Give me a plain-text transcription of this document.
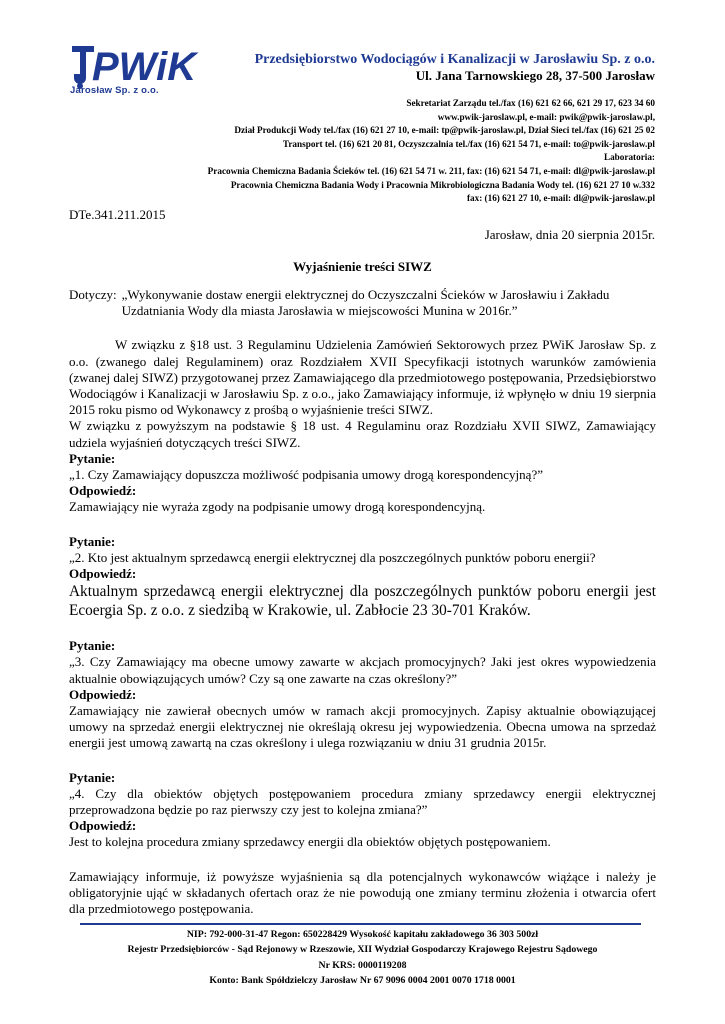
PWiK
Jarosław Sp. z o.o.
Przedsiębiorstwo Wodociągów i Kanalizacji w Jarosławiu Sp. z o.o.
Ul. Jana Tarnowskiego 28, 37-500 Jarosław
Sekretariat Zarządu tel./fax (16) 621 62 66, 621 29 17, 623 34 60
www.pwik-jaroslaw.pl, e-mail: pwik@pwik-jaroslaw.pl,
Dział Produkcji Wody tel./fax (16) 621 27 10, e-mail: tp@pwik-jaroslaw.pl, Dział Sieci tel./fax (16) 621 25 02
Transport tel. (16) 621 20 81, Oczyszczalnia tel./fax (16) 621 54 71, e-mail: to@pwik-jaroslaw.pl
Laboratoria:
Pracownia Chemiczna Badania Ścieków tel. (16) 621 54 71 w. 211, fax: (16) 621 54 71, e-mail: dl@pwik-jaroslaw.pl
Pracownia Chemiczna Badania Wody i Pracownia Mikrobiologiczna Badania Wody tel. (16) 621 27 10 w.332
fax: (16) 621 27 10, e-mail: dl@pwik-jaroslaw.pl
DTe.341.211.2015
Jarosław, dnia 20 sierpnia 2015r.
Wyjaśnienie treści SIWZ
Dotyczy: „Wykonywanie dostaw energii elektrycznej do Oczyszczalni Ścieków w Jarosławiu i Zakładu Uzdatniania Wody dla miasta Jarosławia w miejscowości Munina w 2016r.”

W związku z §18 ust. 3 Regulaminu Udzielenia Zamówień Sektorowych przez PWiK Jarosław Sp. z o.o. (zwanego dalej Regulaminem) oraz Rozdziałem XVII Specyfikacji istotnych warunków zamówienia (zwanej dalej SIWZ) przygotowanej przez Zamawiającego dla przedmiotowego postępowania, Przedsiębiorstwo Wodociągów i Kanalizacji w Jarosławiu Sp. z o.o., jako Zamawiający informuje, iż wpłynęło w dniu 19 sierpnia 2015 roku pismo od Wykonawcy z prośbą o wyjaśnienie treści SIWZ.

W związku z powyższym na podstawie § 18 ust. 4 Regulaminu oraz Rozdziału XVII SIWZ, Zamawiający udziela wyjaśnień dotyczących treści SIWZ.

Pytanie:

„1. Czy Zamawiający dopuszcza możliwość podpisania umowy drogą korespondencyjną?”

Odpowiedź:

Zamawiający nie wyraża zgody na podpisanie umowy drogą korespondencyjną.

Pytanie:

„2. Kto jest aktualnym sprzedawcą energii elektrycznej dla poszczególnych punktów poboru energii?

Odpowiedź:

Aktualnym sprzedawcą energii elektrycznej dla poszczególnych punktów poboru energii jest Ecoergia Sp. z o.o. z siedzibą w Krakowie, ul. Zabłocie 23 30-701 Kraków.

Pytanie:

„3. Czy Zamawiający ma obecne umowy zawarte w akcjach promocyjnych? Jaki jest okres wypowiedzenia aktualnie obowiązujących umów? Czy są one zawarte na czas określony?”

Odpowiedź:

Zamawiający nie zawierał obecnych umów w ramach akcji promocyjnych. Zapisy aktualnie obowiązującej umowy na sprzedaż energii elektrycznej nie określają okresu jej wypowiedzenia. Obecna umowa na sprzedaż energii jest umową zawartą na czas określony i ulega rozwiązaniu w dniu 31 grudnia 2015r.

Pytanie:

„4. Czy dla obiektów objętych postępowaniem procedura zmiany sprzedawcy energii elektrycznej przeprowadzona będzie po raz pierwszy czy jest to kolejna zmiana?”

Odpowiedź:

Jest to kolejna procedura zmiany sprzedawcy energii dla obiektów objętych postępowaniem.

Zamawiający informuje, iż powyższe wyjaśnienia są dla potencjalnych wykonawców wiążące i należy je obligatoryjnie ująć w składanych ofertach oraz że nie powodują one zmiany terminu złożenia i otwarcia ofert dla przedmiotowego postępowania.

NIP: 792-000-31-47 Regon: 650228429 Wysokość kapitału zakładowego 36 303 500zł
Rejestr Przedsiębiorców - Sąd Rejonowy w Rzeszowie, XII Wydział Gospodarczy Krajowego Rejestru Sądowego
Nr KRS: 0000119208
Konto: Bank Spółdzielczy Jarosław Nr 67 9096 0004 2001 0070 1718 0001
